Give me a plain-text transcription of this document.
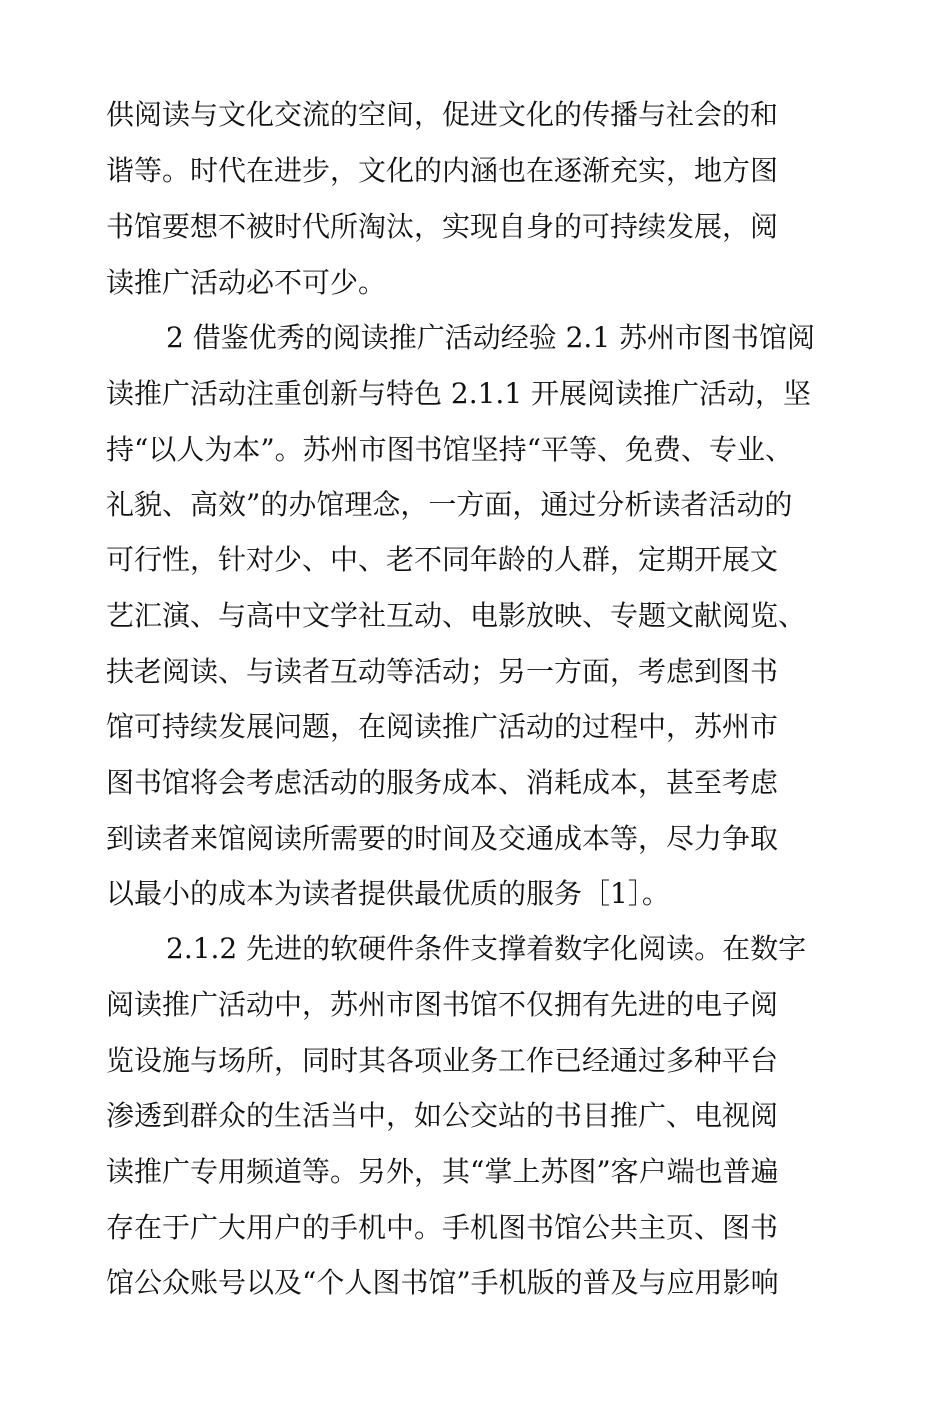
供阅读与文化交流的空间，促进文化的传播与社会的和

谐等。时代在进步，文化的内涵也在逐渐充实，地方图

书馆要想不被时代所淘汰，实现自身的可持续发展，阅

读推广活动必不可少。

2 借鉴优秀的阅读推广活动经验 2.1 苏州市图书馆阅

读推广活动注重创新与特色 2.1.1 开展阅读推广活动，坚

持“以人为本”。苏州市图书馆坚持“平等、免费、专业、

礼貌、高效”的办馆理念，一方面，通过分析读者活动的

可行性，针对少、中、老不同年龄的人群，定期开展文

艺汇演、与高中文学社互动、电影放映、专题文献阅览、

扶老阅读、与读者互动等活动；另一方面，考虑到图书

馆可持续发展问题，在阅读推广活动的过程中，苏州市

图书馆将会考虑活动的服务成本、消耗成本，甚至考虑

到读者来馆阅读所需要的时间及交通成本等，尽力争取

以最小的成本为读者提供最优质的服务［1］。

2.1.2 先进的软硬件条件支撑着数字化阅读。在数字

阅读推广活动中，苏州市图书馆不仅拥有先进的电子阅

览设施与场所，同时其各项业务工作已经通过多种平台

渗透到群众的生活当中，如公交站的书目推广、电视阅

读推广专用频道等。另外，其“掌上苏图”客户端也普遍

存在于广大用户的手机中。手机图书馆公共主页、图书

馆公众账号以及“个人图书馆”手机版的普及与应用影响
